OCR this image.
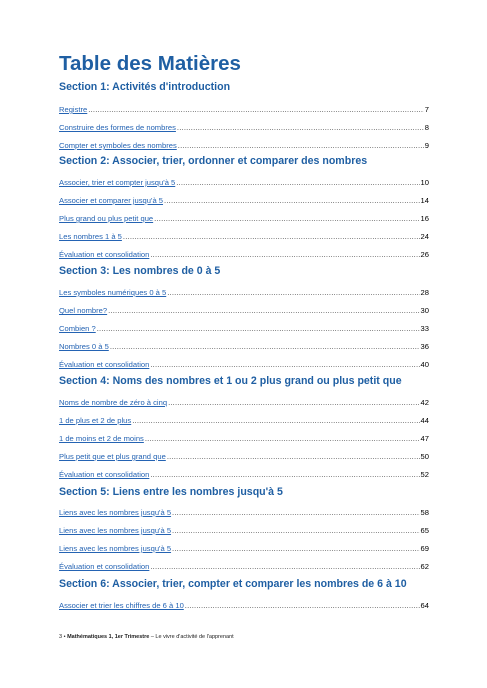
Table des Matières
Section 1: Activités d'introduction
Registre .....	7
Construire des formes de nombres .....	8
Compter et symboles des nombres .....	9
Section 2: Associer, trier, ordonner et comparer des nombres
Associer, trier et compter jusqu'à 5 .....	10
Associer et comparer jusqu'à 5 .....	14
Plus grand ou plus petit que .....	16
Les nombres 1 à 5 .....	24
Évaluation et consolidation .....	26
Section 3: Les nombres de 0 à 5
Les symboles numériques 0 à 5 .....	28
Quel nombre? .....	30
Combien ? .....	33
Nombres 0 à 5 .....	36
Évaluation et consolidation .....	40
Section 4: Noms des nombres et 1 ou 2 plus grand ou plus petit que
Noms de nombre de zéro à cinq .....	42
1 de plus et 2 de plus .....	44
1 de moins et 2 de moins .....	47
Plus petit que et plus grand que .....	50
Évaluation et consolidation .....	52
Section 5: Liens entre les nombres jusqu'à 5
Liens avec les nombres jusqu'à 5 .....	58
Liens avec les nombres jusqu'à 5 .....	65
Liens avec les nombres jusqu'à 5 .....	69
Évaluation et consolidation .....	62
Section 6: Associer, trier, compter et comparer les nombres de 6 à 10
Associer et trier les chiffres de 6 à 10 .....	64
3 • Mathématiques 1, 1er Trimestre – Le vivre d'activité de l'apprenant
